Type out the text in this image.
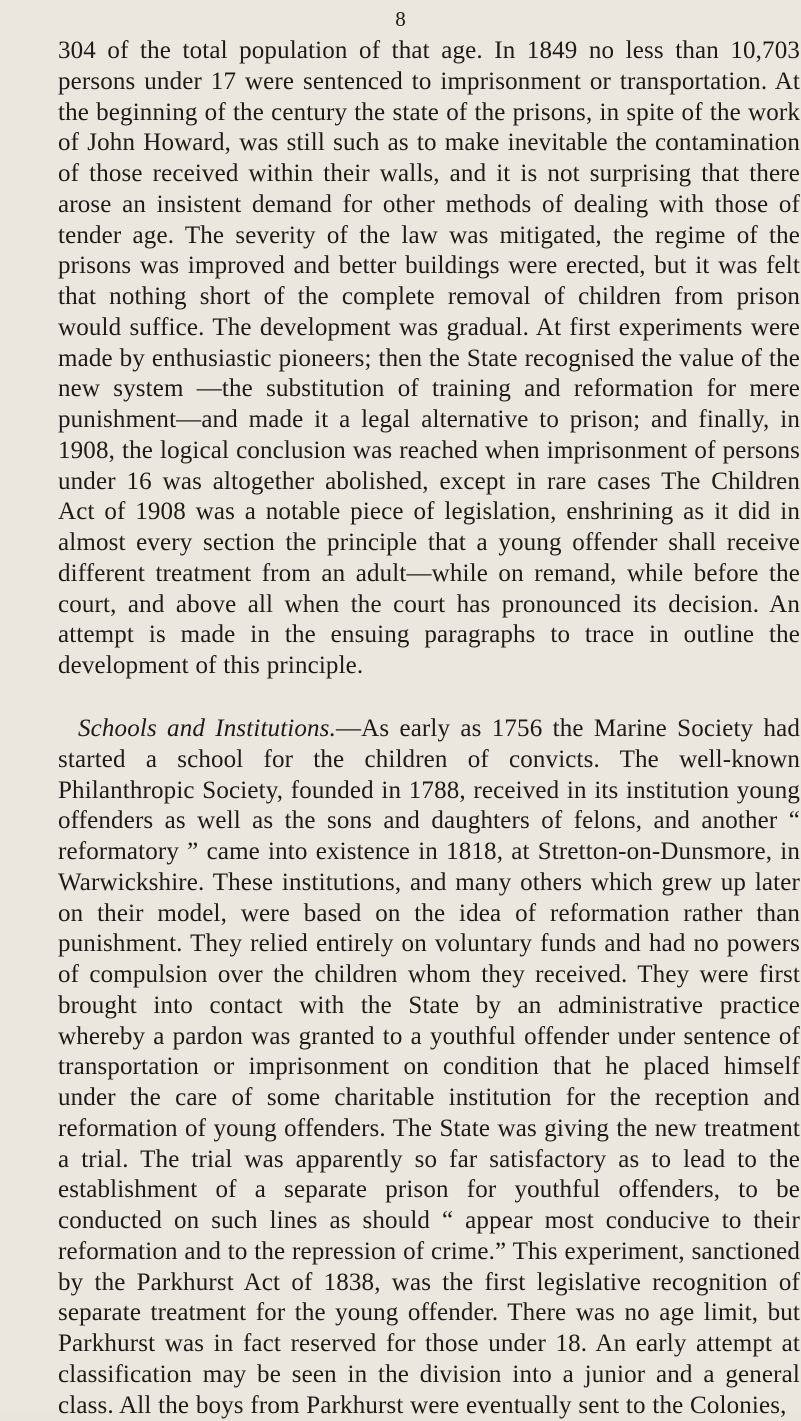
8

304 of the total population of that age. In 1849 no less than 10,703 persons under 17 were sentenced to imprisonment or transportation. At the beginning of the century the state of the prisons, in spite of the work of John Howard, was still such as to make inevitable the contamination of those received within their walls, and it is not surprising that there arose an insistent demand for other methods of dealing with those of tender age. The severity of the law was mitigated, the regime of the prisons was improved and better buildings were erected, but it was felt that nothing short of the complete removal of children from prison would suffice. The development was gradual. At first experiments were made by enthusiastic pioneers; then the State recognised the value of the new system —the substitution of training and reformation for mere punishment—and made it a legal alternative to prison; and finally, in 1908, the logical conclusion was reached when imprisonment of persons under 16 was altogether abolished, except in rare cases The Children Act of 1908 was a notable piece of legislation, enshrining as it did in almost every section the principle that a young offender shall receive different treatment from an adult—while on remand, while before the court, and above all when the court has pronounced its decision. An attempt is made in the ensuing paragraphs to trace in outline the development of this principle.

Schools and Institutions.—As early as 1756 the Marine Society had started a school for the children of convicts. The well-known Philanthropic Society, founded in 1788, received in its institution young offenders as well as the sons and daughters of felons, and another “ reformatory ” came into existence in 1818, at Stretton-on-Dunsmore, in Warwickshire. These institutions, and many others which grew up later on their model, were based on the idea of reformation rather than punishment. They relied entirely on voluntary funds and had no powers of compulsion over the children whom they received. They were first brought into contact with the State by an administrative practice whereby a pardon was granted to a youthful offender under sentence of transportation or imprisonment on condition that he placed himself under the care of some charitable institution for the reception and reformation of young offenders. The State was giving the new treatment a trial. The trial was apparently so far satisfactory as to lead to the establishment of a separate prison for youthful offenders, to be conducted on such lines as should “ appear most conducive to their reformation and to the repression of crime.” This experiment, sanctioned by the Parkhurst Act of 1838, was the first legislative recognition of separate treatment for the young offender. There was no age limit, but Parkhurst was in fact reserved for those under 18. An early attempt at classification may be seen in the division into a junior and a general class. All the boys from Parkhurst were eventually sent to the Colonies,
